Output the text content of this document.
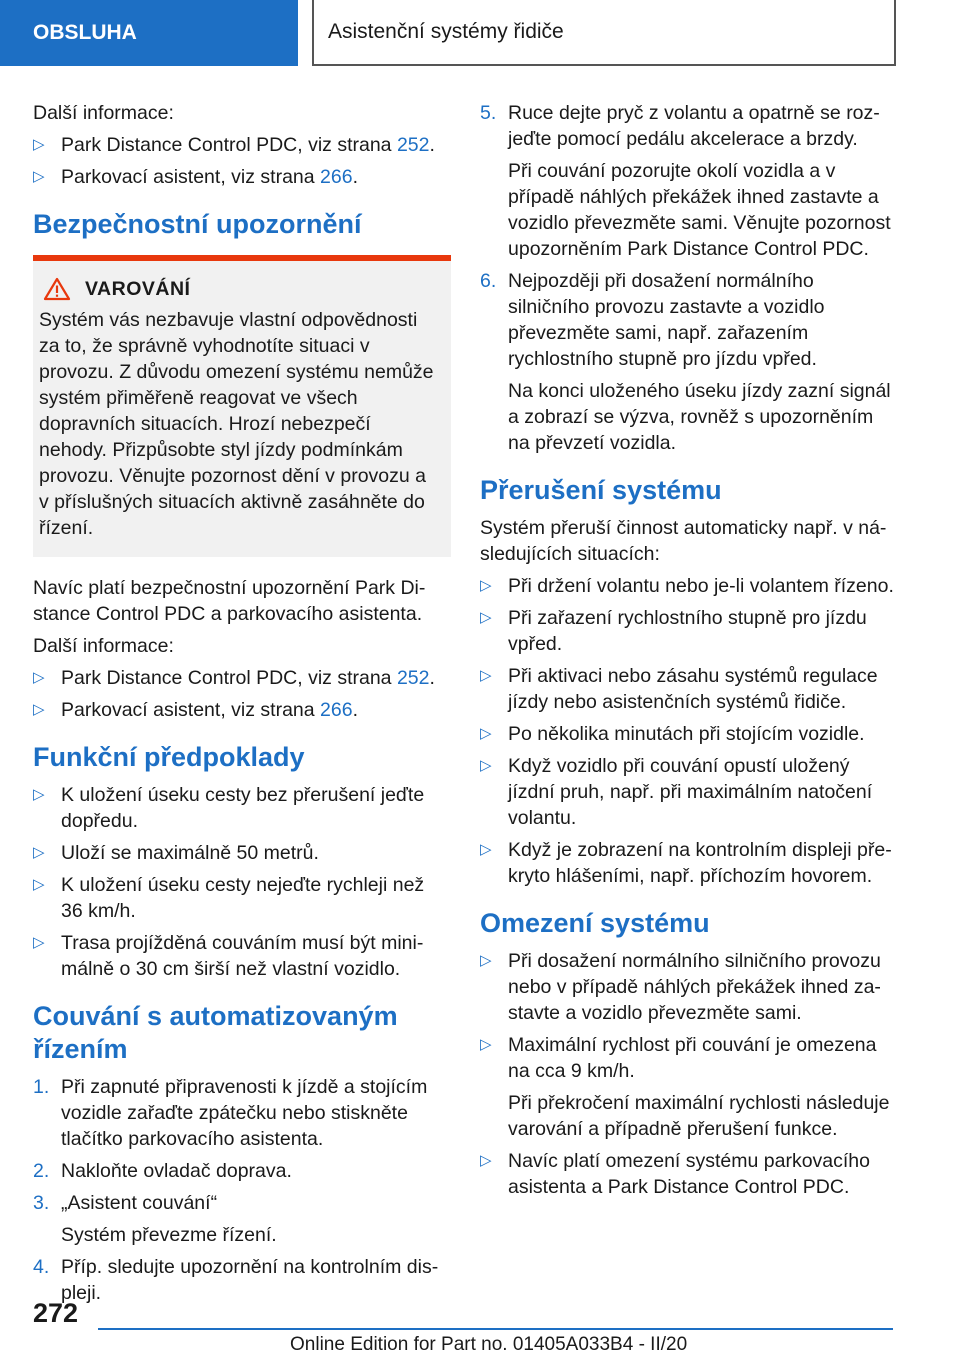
OBSLUHA	Asistenční systémy řidiče

Další informace:

▷ Park Distance Control PDC, viz strana 252.
▷ Parkovací asistent, viz strana 266.
Bezpečnostní upozornění
VAROVÁNÍ

Systém vás nezbavuje vlastní odpovědnosti za to, že správně vyhodnotíte situaci v provozu. Z důvodu omezení systému nemůže systém přiměřeně reagovat ve všech dopravních situacích. Hrozí nebezpečí nehody. Přizpůsobte styl jízdy podmínkám provozu. Věnujte pozornost dění v provozu a v příslušných situacích aktivně zasáhněte do řízení.

Navíc platí bezpečnostní upozornění Park Distance Control PDC a parkovacího asistenta.

Další informace:

▷ Park Distance Control PDC, viz strana 252.
▷ Parkovací asistent, viz strana 266.
Funkční předpoklady
▷ K uložení úseku cesty bez přerušení jeďte dopředu.
▷ Uloží se maximálně 50 metrů.
▷ K uložení úseku cesty nejeďte rychleji než 36 km/h.
▷ Trasa projížděná couváním musí být minimálně o 30 cm širší než vlastní vozidlo.
Couvání s automatizovaným řízením
1. Při zapnuté připravenosti k jízdě a stojícím vozidle zařaďte zpátečku nebo stiskněte tlačítko parkovacího asistenta.
2. Nakloňte ovladač doprava.
3. „Asistent couvání“
Systém převezme řízení.
4. Příp. sledujte upozornění na kontrolním displeji.
5. Ruce dejte pryč z volantu a opatrně se rozjeďte pomocí pedálu akcelerace a brzdy.
Při couvání pozorujte okolí vozidla a v případě náhlých překážek ihned zastavte a vozidlo převezměte sami. Věnujte pozornost upozorněním Park Distance Control PDC.
6. Nejpozději při dosažení normálního silničního provozu zastavte a vozidlo převezměte sami, např. zařazením rychlostního stupně pro jízdu vpřed.
Na konci uloženého úseku jízdy zazní signál a zobrazí se výzva, rovněž s upozorněním na převzetí vozidla.
Přerušení systému

Systém přeruší činnost automaticky např. v následujících situacích:

▷ Při držení volantu nebo je-li volantem řízeno.
▷ Při zařazení rychlostního stupně pro jízdu vpřed.
▷ Při aktivaci nebo zásahu systémů regulace jízdy nebo asistenčních systémů řidiče.
▷ Po několika minutách při stojícím vozidle.
▷ Když vozidlo při couvání opustí uložený jízdní pruh, např. při maximálním natočení volantu.
▷ Když je zobrazení na kontrolním displeji překryto hlášeními, např. příchozím hovorem.
Omezení systému
▷ Při dosažení normálního silničního provozu nebo v případě náhlých překážek ihned zastavte a vozidlo převezměte sami.
▷ Maximální rychlost při couvání je omezena na cca 9 km/h.
Při překročení maximální rychlosti následuje varování a případně přerušení funkce.
▷ Navíc platí omezení systému parkovacího asistenta a Park Distance Control PDC.
272
Online Edition for Part no. 01405A033B4 - II/20
